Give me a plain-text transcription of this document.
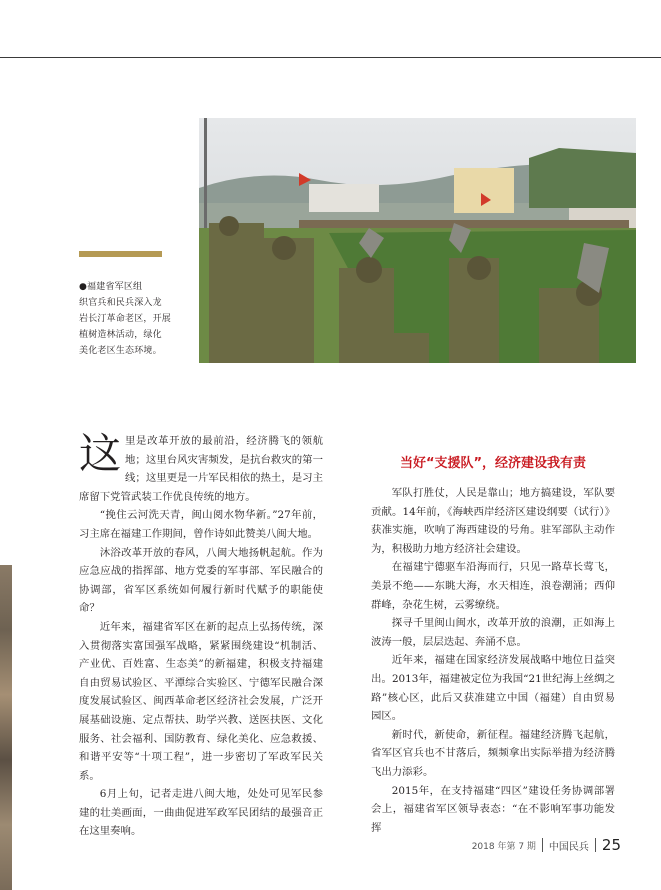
●福建省军区组
织官兵和民兵深入龙
岩长汀革命老区，开展
植树造林活动，绿化
美化老区生态环境。

这里是改革开放的最前沿，经济腾飞的领航地；这里台风灾害频发，是抗台救灾的第一线；这里更是一片军民相依的热土，是习主席留下党管武装工作优良传统的地方。

“挽住云河洗天青，闽山阅水物华新。”27年前，习主席在福建工作期间，曾作诗如此赞美八闽大地。

沐浴改革开放的春风，八闽大地扬帆起航。作为应急应战的指挥部、地方党委的军事部、军民融合的协调部，省军区系统如何履行新时代赋予的职能使命？

近年来，福建省军区在新的起点上弘扬传统，深入贯彻落实富国强军战略，紧紧围绕建设“机制活、产业优、百姓富、生态美”的新福建，积极支持福建自由贸易试验区、平潭综合实验区、宁德军民融合深度发展试验区、闽西革命老区经济社会发展，广泛开展基础设施、定点帮扶、助学兴教、送医扶医、文化服务、社会福利、国防教育、绿化美化、应急救援、和谐平安等“十项工程”，进一步密切了军政军民关系。

6月上旬，记者走进八闽大地，处处可见军民参建的壮美画面，一曲曲促进军政军民团结的最强音正在这里奏响。

当好“支援队”，经济建设我有责

军队打胜仗，人民是靠山；地方搞建设，军队要贡献。14年前，《海峡西岸经济区建设纲要（试行）》获准实施，吹响了海西建设的号角。驻军部队主动作为，积极助力地方经济社会建设。

在福建宁德驱车沿海而行，只见一路草长莺飞，美景不绝——东眺大海，水天相连，浪卷潮涌；西仰群峰，杂花生树，云雾缭绕。

探寻千里闽山闽水，改革开放的浪潮，正如海上波涛一般，层层迭起、奔涌不息。

近年来，福建在国家经济发展战略中地位日益突出。2013年，福建被定位为我国“21世纪海上丝绸之路”核心区，此后又获准建立中国（福建）自由贸易园区。

新时代，新使命，新征程。福建经济腾飞起航，省军区官兵也不甘落后，频频拿出实际举措为经济腾飞出力添彩。

2015年，在支持福建“四区”建设任务协调部署会上，福建省军区领导表态：“在不影响军事功能发挥

2018 年第 7 期 中国民兵 25
